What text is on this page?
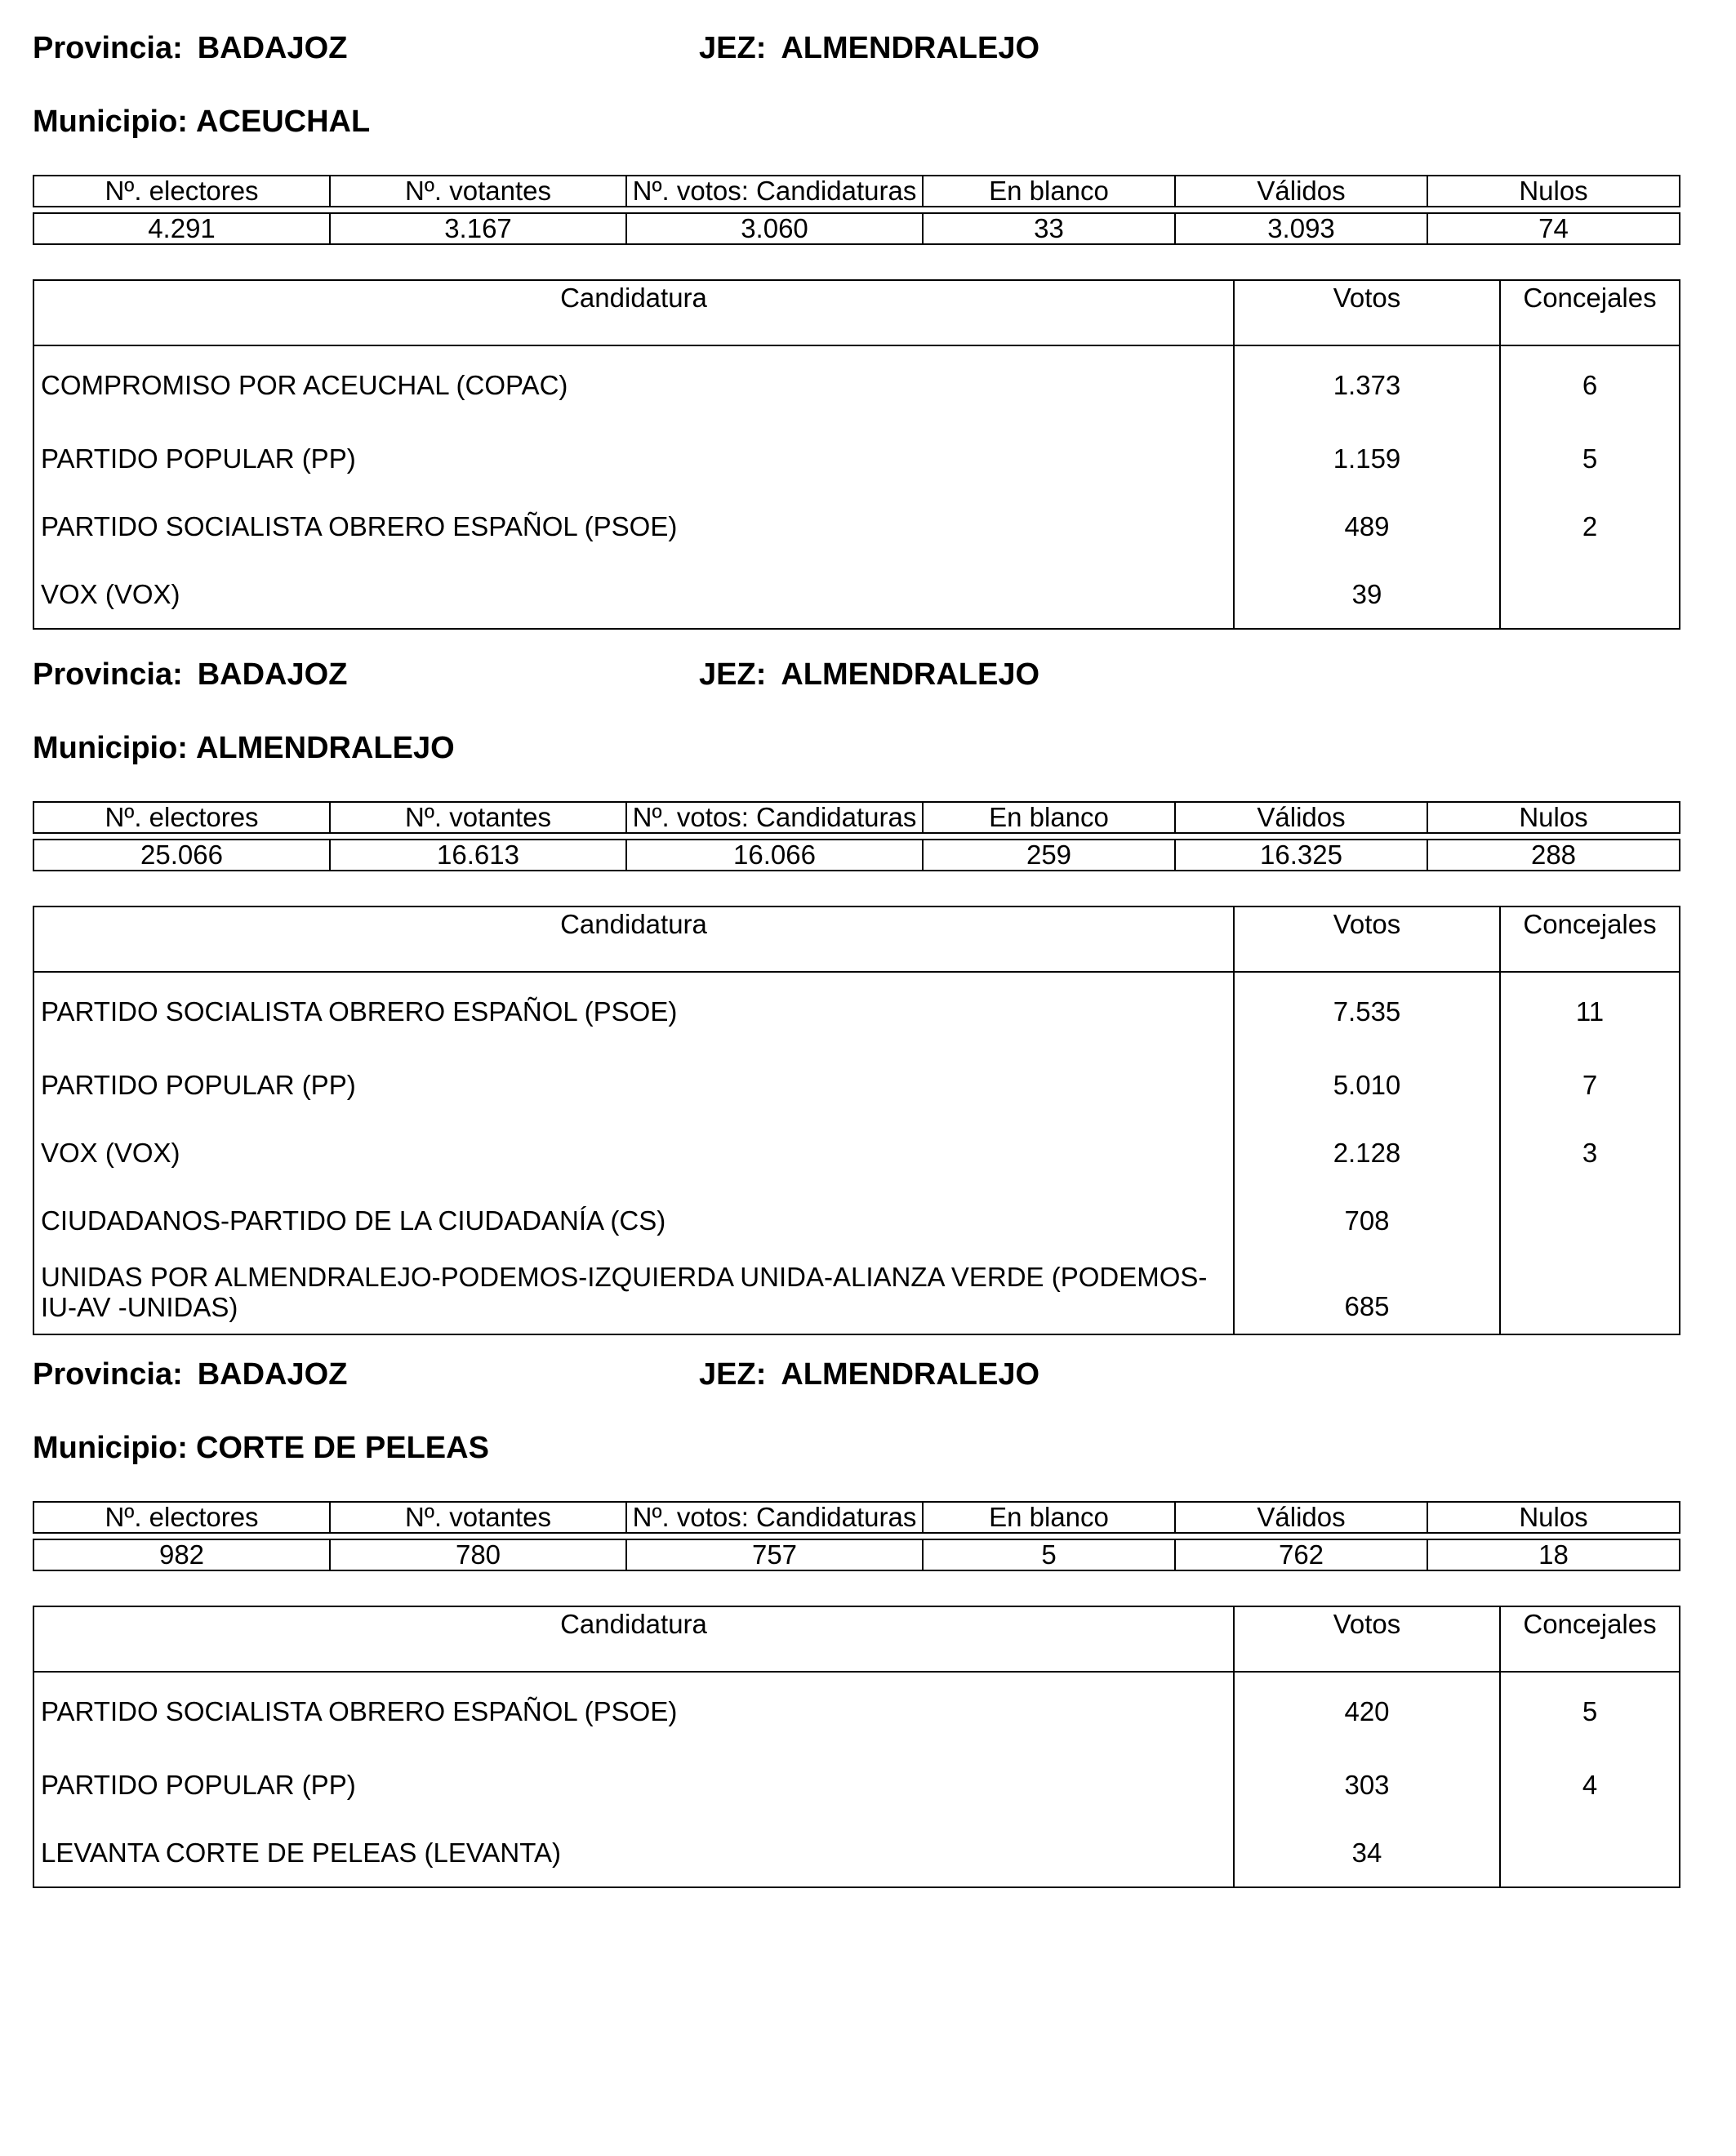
Provincia: BADAJOZ	JEZ: ALMENDRALEJO
Municipio: ACEUCHAL
Nº. electores	Nº. votantes	Nº. votos: Candidaturas	En blanco	Válidos	Nulos

4.291	3.167	3.060	33	3.093	74
Candidatura	Votos	Concejales
COMPROMISO POR ACEUCHAL (COPAC)	1.373	6
PARTIDO POPULAR (PP)	1.159	5
PARTIDO SOCIALISTA OBRERO ESPAÑOL (PSOE)	489	2
VOX (VOX)	39	
Provincia: BADAJOZ	JEZ: ALMENDRALEJO
Municipio: ALMENDRALEJO
Nº. electores	Nº. votantes	Nº. votos: Candidaturas	En blanco	Válidos	Nulos

25.066	16.613	16.066	259	16.325	288
Candidatura	Votos	Concejales
PARTIDO SOCIALISTA OBRERO ESPAÑOL (PSOE)	7.535	11
PARTIDO POPULAR (PP)	5.010	7
VOX (VOX)	2.128	3
CIUDADANOS-PARTIDO DE LA CIUDADANÍA (CS)	708	

UNIDAS POR ALMENDRALEJO-PODEMOS-IZQUIERDA UNIDA-ALIANZA VERDE (PODEMOS-
IU-AV -UNIDAS)	685	
Provincia: BADAJOZ	JEZ: ALMENDRALEJO
Municipio: CORTE DE PELEAS
Nº. electores	Nº. votantes	Nº. votos: Candidaturas	En blanco	Válidos	Nulos

982	780	757	5	762	18
Candidatura	Votos	Concejales
PARTIDO SOCIALISTA OBRERO ESPAÑOL (PSOE)	420	5
PARTIDO POPULAR (PP)	303	4
LEVANTA CORTE DE PELEAS (LEVANTA)	34	
